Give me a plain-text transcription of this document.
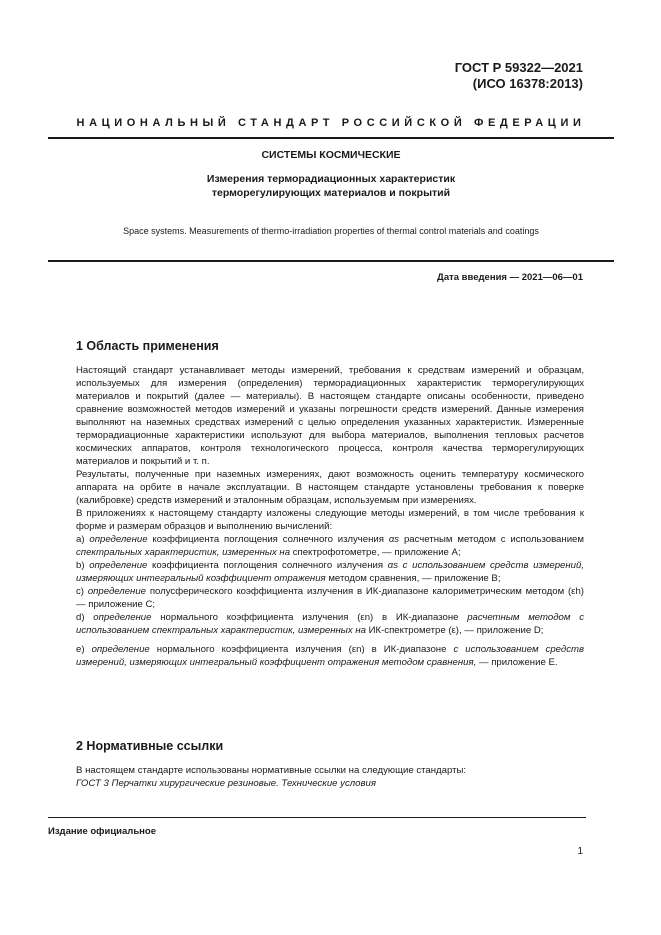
ГОСТ Р 59322—2021
(ИСО 16378:2013)
НАЦИОНАЛЬНЫЙ СТАНДАРТ РОССИЙСКОЙ ФЕДЕРАЦИИ
СИСТЕМЫ КОСМИЧЕСКИЕ
Измерения терморадиационных характеристик
терморегулирующих материалов и покрытий
Space systems. Measurements of thermo-irradiation properties of thermal control materials and coatings
Дата введения — 2021—06—01
1 Область применения

Настоящий стандарт устанавливает методы измерений, требования к средствам измерений и образцам, используемых для измерения (определения) терморадиационных характеристик терморегулирующих материалов и покрытий (далее — материалы). В настоящем стандарте описаны особенности, приведено сравнение возможностей методов измерений и указаны погрешности средств измерений. Данные измерения выполняют на наземных средствах измерений с целью определения указанных характеристик. Измеренные терморадиационные характеристики используют для выбора материалов, выполнения тепловых расчетов космических аппаратов, контроля технологического процесса, контроля качества терморегулирующих материалов и покрытий и т. п.

Результаты, полученные при наземных измерениях, дают возможность оценить температуру космического аппарата на орбите в начале эксплуатации. В настоящем стандарте установлены требования к поверке (калибровке) средств измерений и эталонным образцам, используемым при измерениях.

В приложениях к настоящему стандарту изложены следующие методы измерений, в том числе требования к форме и размерам образцов и выполнению вычислений:

а) определение коэффициента поглощения солнечного излучения αs расчетным методом с использованием спектральных характеристик, измеренных на спектрофотометре, — приложение А;

b) определение коэффициента поглощения солнечного излучения αs с использованием средств измерений, измеряющих интегральный коэффициент отражения методом сравнения, — приложение В;

с) определение полусферического коэффициента излучения в ИК-диапазоне калориметрическим методом (εh) — приложение С;

d) определение нормального коэффициента излучения (εn) в ИК-диапазоне расчетным методом с использованием спектральных характеристик, измеренных на ИК-спектрометре (ε), — приложение D;

е) определение нормального коэффициента излучения (εn) в ИК-диапазоне с использованием средств измерений, измеряющих интегральный коэффициент отражения методом сравнения, — приложение Е.

2 Нормативные ссылки

В настоящем стандарте использованы нормативные ссылки на следующие стандарты:

ГОСТ 3 Перчатки хирургические резиновые. Технические условия

Издание официальное
1
